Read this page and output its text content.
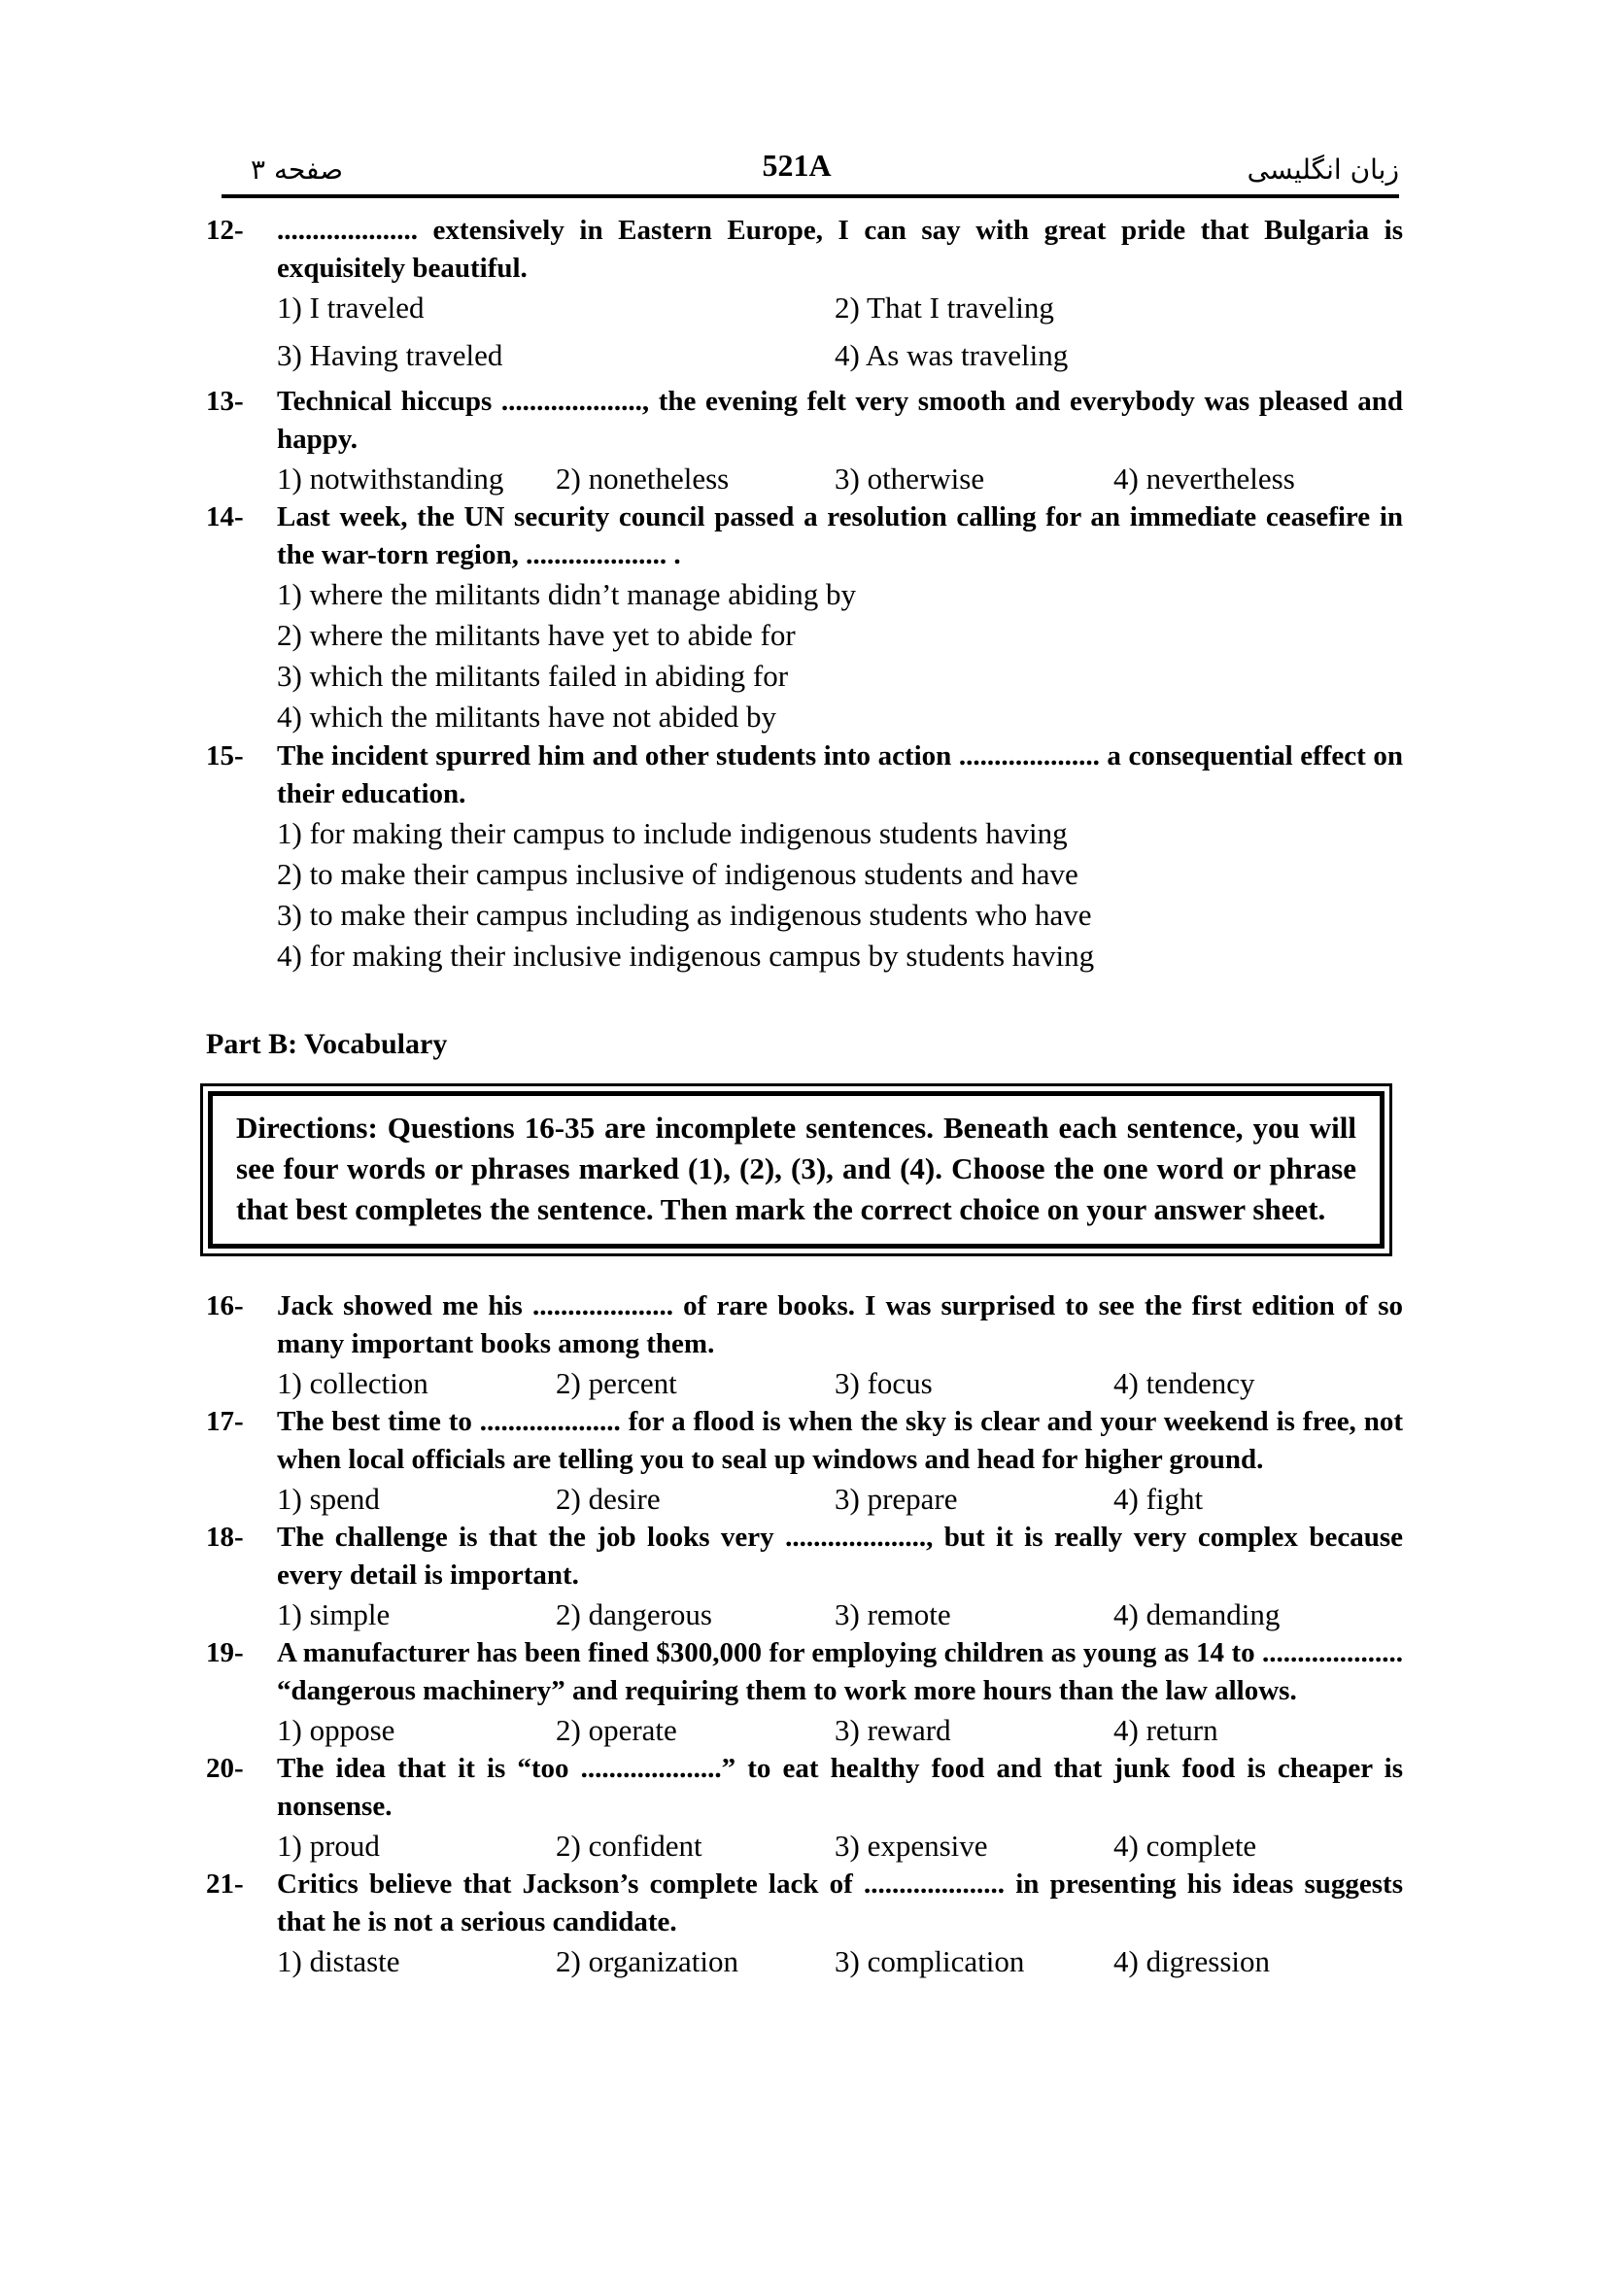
صفحه ۳	521A	زبان انگلیسی
12- .................... extensively in Eastern Europe, I can say with great pride that Bulgaria is exquisitely beautiful.
1) I traveled	2) That I traveling
3) Having traveled	4) As was traveling
13- Technical hiccups ...................., the evening felt very smooth and everybody was pleased and happy.
1) notwithstanding	2) nonetheless	3) otherwise	4) nevertheless
14- Last week, the UN security council passed a resolution calling for an immediate ceasefire in the war-torn region, .................... .
1) where the militants didn’t manage abiding by
2) where the militants have yet to abide for
3) which the militants failed in abiding for
4) which the militants have not abided by
15- The incident spurred him and other students into action .................... a consequential effect on their education.
1) for making their campus to include indigenous students having
2) to make their campus inclusive of indigenous students and have
3) to make their campus including as indigenous students who have
4) for making their inclusive indigenous campus by students having
Part B: Vocabulary
Directions: Questions 16-35 are incomplete sentences. Beneath each sentence, you will see four words or phrases marked (1), (2), (3), and (4). Choose the one word or phrase that best completes the sentence. Then mark the correct choice on your answer sheet.
16- Jack showed me his .................... of rare books. I was surprised to see the first edition of so many important books among them.
1) collection	2) percent	3) focus	4) tendency
17- The best time to .................... for a flood is when the sky is clear and your weekend is free, not when local officials are telling you to seal up windows and head for higher ground.
1) spend	2) desire	3) prepare	4) fight
18- The challenge is that the job looks very ...................., but it is really very complex because every detail is important.
1) simple	2) dangerous	3) remote	4) demanding
19- A manufacturer has been fined $300,000 for employing children as young as 14 to .................... “dangerous machinery” and requiring them to work more hours than the law allows.
1) oppose	2) operate	3) reward	4) return
20- The idea that it is “too ....................” to eat healthy food and that junk food is cheaper is nonsense.
1) proud	2) confident	3) expensive	4) complete
21- Critics believe that Jackson’s complete lack of .................... in presenting his ideas suggests that he is not a serious candidate.
1) distaste	2) organization	3) complication	4) digression
